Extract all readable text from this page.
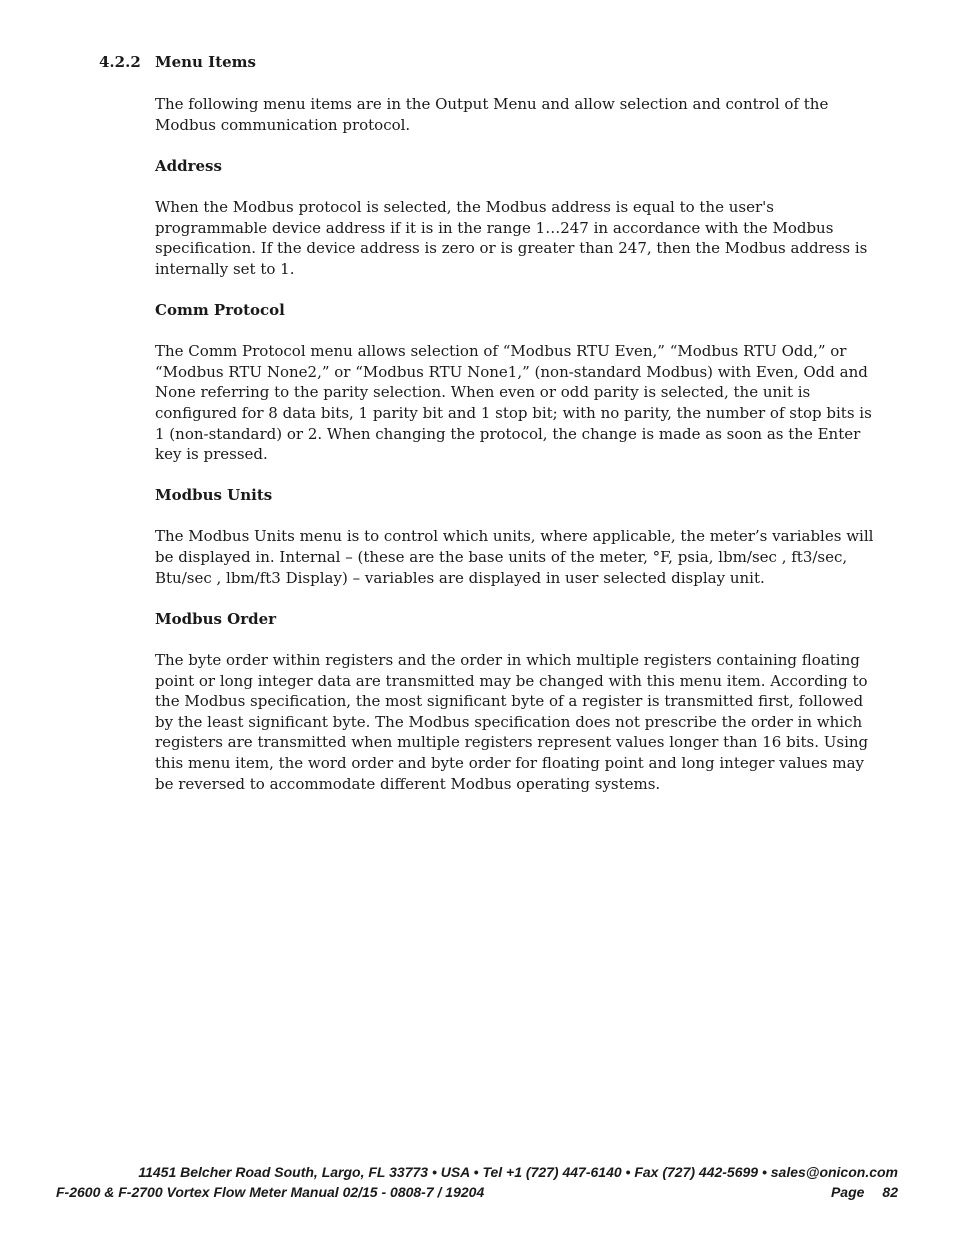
4.2.2 Menu Items

The following menu items are in the Output Menu and allow selection and control of the Modbus communication protocol.

Address

When the Modbus protocol is selected, the Modbus address is equal to the user's programmable device address if it is in the range 1…247 in accordance with the Modbus specification. If the device address is zero or is greater than 247, then the Modbus address is internally set to 1.

Comm Protocol

The Comm Protocol menu allows selection of “Modbus RTU Even,” “Modbus RTU Odd,” or “Modbus RTU None2,” or “Modbus RTU None1,” (non-standard Modbus) with Even, Odd and None referring to the parity selection. When even or odd parity is selected, the unit is configured for 8 data bits, 1 parity bit and 1 stop bit; with no parity, the number of stop bits is 1 (non-standard) or 2. When changing the protocol, the change is made as soon as the Enter key is pressed.

Modbus Units

The Modbus Units menu is to control which units, where applicable, the meter’s variables will be displayed in. Internal – (these are the base units of the meter, °F, psia, lbm/sec , ft3/sec, Btu/sec , lbm/ft3 Display) – variables are displayed in user selected display unit.

Modbus Order

The byte order within registers and the order in which multiple registers containing floating point or long integer data are transmitted may be changed with this menu item. According to the Modbus specification, the most significant byte of a register is transmitted first, followed by the least significant byte. The Modbus specification does not prescribe the order in which registers are transmitted when multiple registers represent values longer than 16 bits. Using this menu item, the word order and byte order for floating point and long integer values may be reversed to accommodate different Modbus operating systems.

11451 Belcher Road South, Largo, FL 33773 • USA • Tel +1 (727) 447-6140 • Fax (727) 442-5699 • sales@onicon.com
F-2600 & F-2700 Vortex Flow Meter Manual 02/15 - 0808-7 / 19204	Page 82
